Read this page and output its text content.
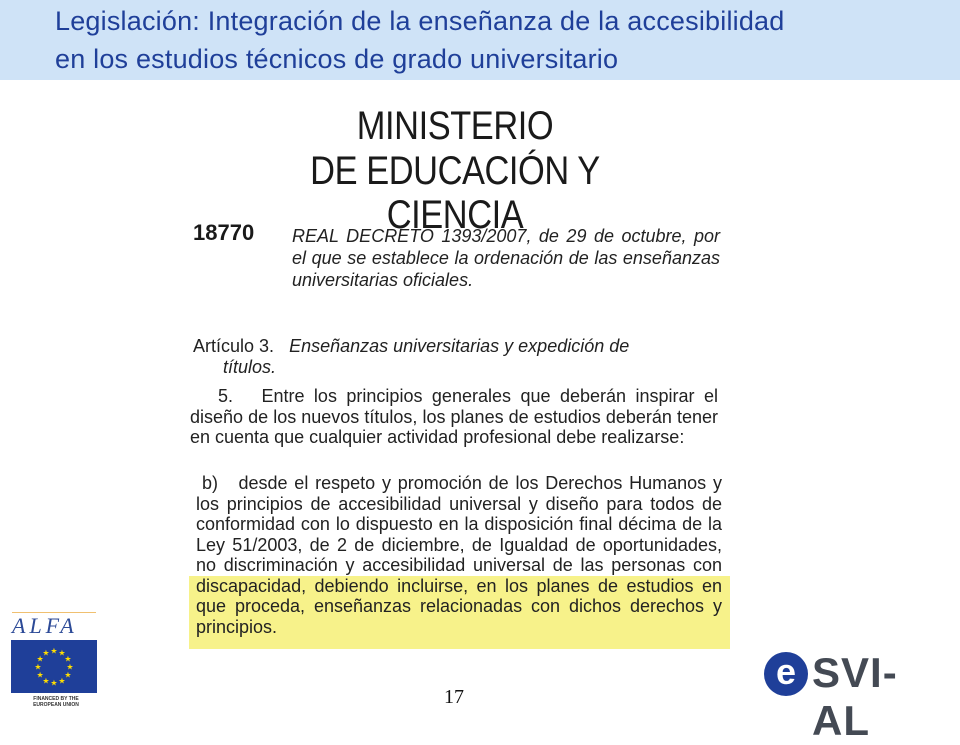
Legislación: Integración de la enseñanza de la accesibilidad
en los estudios técnicos de grado universitario
MINISTERIO
DE EDUCACIÓN Y CIENCIA
18770 REAL DECRETO 1393/2007, de 29 de octubre, por el que se establece la ordenación de las enseñanzas universitarias oficiales.
Artículo 3. Enseñanzas universitarias y expedición de
títulos.
5. Entre los principios generales que deberán inspirar el diseño de los nuevos títulos, los planes de estudios deberán tener en cuenta que cualquier actividad profesional debe realizarse:
b) desde el respeto y promoción de los Derechos Humanos y los principios de accesibilidad universal y diseño para todos de conformidad con lo dispuesto en la disposición final décima de la Ley 51/2003, de 2 de diciembre, de Igualdad de oportunidades, no discriminación y accesibilidad universal de las personas con discapacidad, debiendo incluirse, en los planes de estudios en que proceda, enseñanzas relacionadas con dichos derechos y principios.
ALFA
★ ★
★
★
★
★
★
★
★
★
★
★
FINANCED BY THE EUROPEAN UNION	17
e SVI-AL
